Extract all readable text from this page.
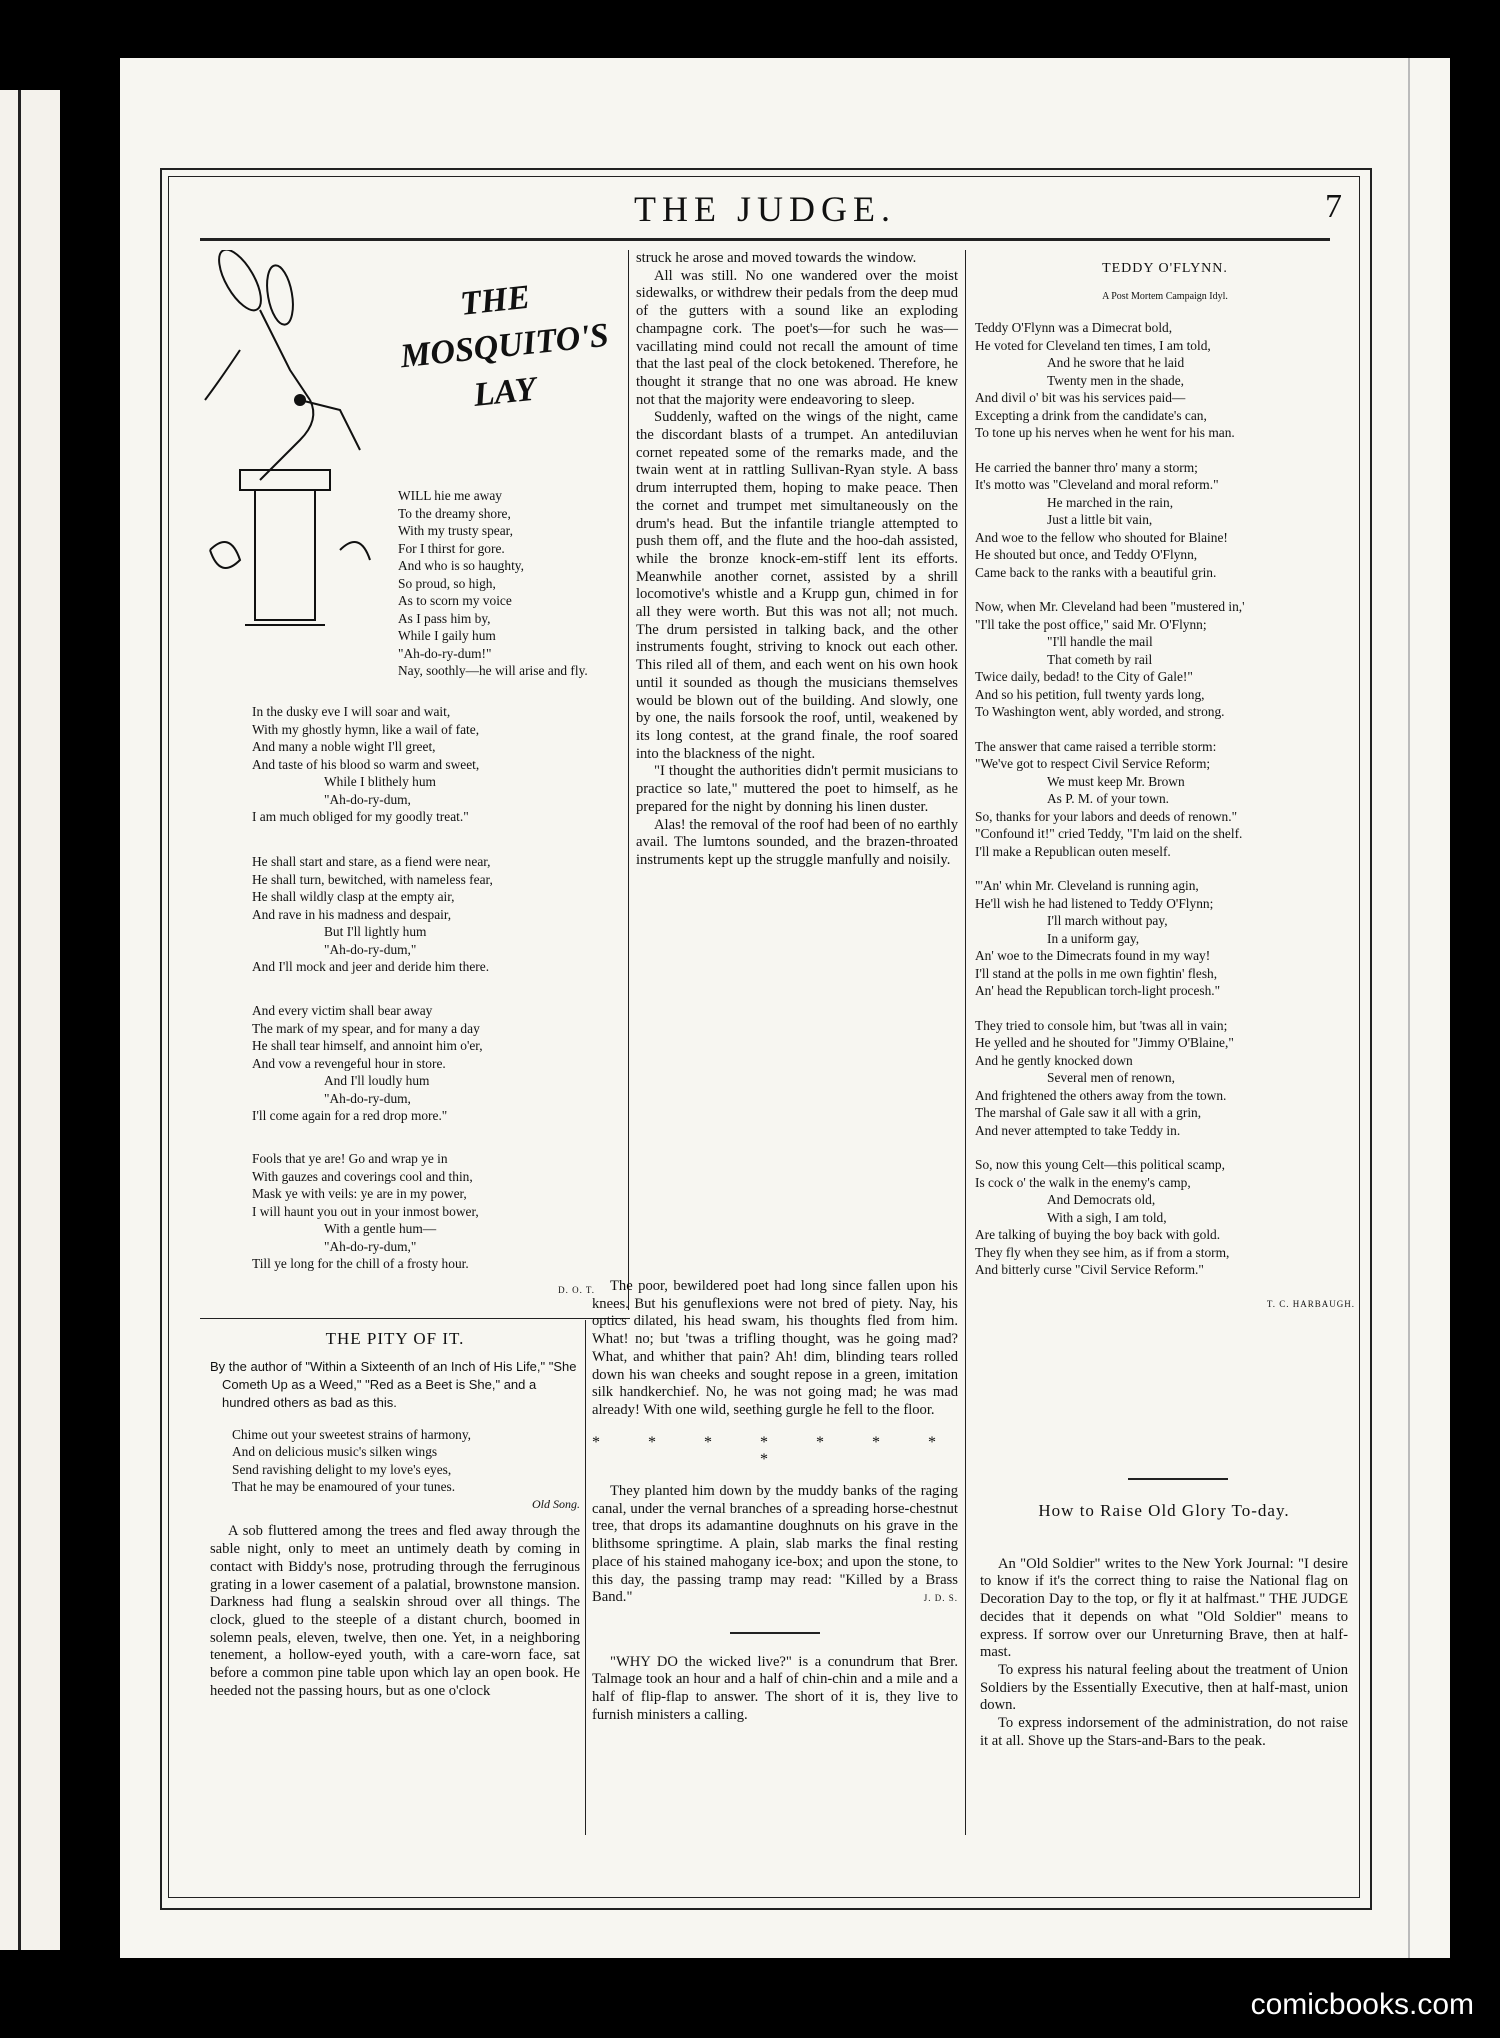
THE JUDGE.	7
THE MOSQUITO'S LAY
WILL hie me away
To the dreamy shore,
With my trusty spear,
For I thirst for gore.
And who is so haughty,
So proud, so high,
As to scorn my voice
As I pass him by,
While I gaily hum
"Ah-do-ry-dum!"
Nay, soothly—he will arise and fly.
In the dusky eve I will soar and wait,
With my ghostly hymn, like a wail of fate,
And many a noble wight I'll greet,
And taste of his blood so warm and sweet,
While I blithely hum
"Ah-do-ry-dum,
I am much obliged for my goodly treat."
He shall start and stare, as a fiend were near,
He shall turn, bewitched, with nameless fear,
He shall wildly clasp at the empty air,
And rave in his madness and despair,
But I'll lightly hum
"Ah-do-ry-dum,"
And I'll mock and jeer and deride him there.
And every victim shall bear away
The mark of my spear, and for many a day
He shall tear himself, and annoint him o'er,
And vow a revengeful hour in store.
And I'll loudly hum
"Ah-do-ry-dum,
I'll come again for a red drop more."
Fools that ye are! Go and wrap ye in
With gauzes and coverings cool and thin,
Mask ye with veils: ye are in my power,
I will haunt you out in your inmost bower,
With a gentle hum—
"Ah-do-ry-dum,"
Till ye long for the chill of a frosty hour.
D. O. T.
THE PITY OF IT.
By the author of "Within a Sixteenth of an Inch of His Life," "She Cometh Up as a Weed," "Red as a Beet is She," and a hundred others as bad as this.
Chime out your sweetest strains of harmony,
And on delicious music's silken wings
Send ravishing delight to my love's eyes,
That he may be enamoured of your tunes.
Old Song.

A sob fluttered among the trees and fled away through the sable night, only to meet an untimely death by coming in contact with Biddy's nose, protruding through the ferruginous grating in a lower casement of a palatial, brownstone mansion. Darkness had flung a sealskin shroud over all things. The clock, glued to the steeple of a distant church, boomed in solemn peals, eleven, twelve, then one. Yet, in a neighboring tenement, a hollow-eyed youth, with a care-worn face, sat before a common pine table upon which lay an open book. He heeded not the passing hours, but as one o'clock

struck he arose and moved towards the window.

All was still. No one wandered over the moist sidewalks, or withdrew their pedals from the deep mud of the gutters with a sound like an exploding champagne cork. The poet's—for such he was—vacillating mind could not recall the amount of time that the last peal of the clock betokened. Therefore, he thought it strange that no one was abroad. He knew not that the majority were endeavoring to sleep.

Suddenly, wafted on the wings of the night, came the discordant blasts of a trumpet. An antediluvian cornet repeated some of the remarks made, and the twain went at in rattling Sullivan-Ryan style. A bass drum interrupted them, hoping to make peace. Then the cornet and trumpet met simultaneously on the drum's head. But the infantile triangle attempted to push them off, and the flute and the hoo-dah assisted, while the bronze knock-em-stiff lent its efforts. Meanwhile another cornet, assisted by a shrill locomotive's whistle and a Krupp gun, chimed in for all they were worth. But this was not all; not much. The drum persisted in talking back, and the other instruments fought, striving to knock out each other. This riled all of them, and each went on his own hook until it sounded as though the musicians themselves would be blown out of the building. And slowly, one by one, the nails forsook the roof, until, weakened by its long contest, at the grand finale, the roof soared into the blackness of the night.

"I thought the authorities didn't permit musicians to practice so late," muttered the poet to himself, as he prepared for the night by donning his linen duster.

Alas! the removal of the roof had been of no earthly avail. The lumtons sounded, and the brazen-throated instruments kept up the struggle manfully and noisily.

The poor, bewildered poet had long since fallen upon his knees. But his genuflexions were not bred of piety. Nay, his optics dilated, his head swam, his thoughts fled from him. What! no; but 'twas a trifling thought, was he going mad? What, and whither that pain? Ah! dim, blinding tears rolled down his wan cheeks and sought repose in a green, imitation silk handkerchief. No, he was not going mad; he was mad already! With one wild, seething gurgle he fell to the floor.

* * * * * * * *

They planted him down by the muddy banks of the raging canal, under the vernal branches of a spreading horse-chestnut tree, that drops its adamantine doughnuts on his grave in the blithsome springtime. A plain, slab marks the final resting place of his stained mahogany ice-box; and upon the stone, to this day, the passing tramp may read: "Killed by a Brass Band."	J. D. S.

"WHY DO the wicked live?" is a conundrum that Brer. Talmage took an hour and a half of chin-chin and a mile and a half of flip-flap to answer. The short of it is, they live to furnish ministers a calling.

TEDDY O'FLYNN.
A Post Mortem Campaign Idyl.
Teddy O'Flynn was a Dimecrat bold,
He voted for Cleveland ten times, I am told,
And he swore that he laid
Twenty men in the shade,
And divil o' bit was his services paid—
Excepting a drink from the candidate's can,
To tone up his nerves when he went for his man.
He carried the banner thro' many a storm;
It's motto was "Cleveland and moral reform."
He marched in the rain,
Just a little bit vain,
And woe to the fellow who shouted for Blaine!
He shouted but once, and Teddy O'Flynn,
Came back to the ranks with a beautiful grin.
Now, when Mr. Cleveland had been "mustered in,'
"I'll take the post office," said Mr. O'Flynn;
"I'll handle the mail
That cometh by rail
Twice daily, bedad! to the City of Gale!"
And so his petition, full twenty yards long,
To Washington went, ably worded, and strong.
The answer that came raised a terrible storm:
"We've got to respect Civil Service Reform;
We must keep Mr. Brown
As P. M. of your town.
So, thanks for your labors and deeds of renown."
"Confound it!" cried Teddy, "I'm laid on the shelf.
I'll make a Republican outen meself.
"'An' whin Mr. Cleveland is running agin,
He'll wish he had listened to Teddy O'Flynn;
I'll march without pay,
In a uniform gay,
An' woe to the Dimecrats found in my way!
I'll stand at the polls in me own fightin' flesh,
An' head the Republican torch-light procesh."
They tried to console him, but 'twas all in vain;
He yelled and he shouted for "Jimmy O'Blaine,"
And he gently knocked down
Several men of renown,
And frightened the others away from the town.
The marshal of Gale saw it all with a grin,
And never attempted to take Teddy in.
So, now this young Celt—this political scamp,
Is cock o' the walk in the enemy's camp,
And Democrats old,
With a sigh, I am told,
Are talking of buying the boy back with gold.
They fly when they see him, as if from a storm,
And bitterly curse "Civil Service Reform."
T. C. HARBAUGH.
How to Raise Old Glory To-day.

An "Old Soldier" writes to the New York Journal: "I desire to know if it's the correct thing to raise the National flag on Decoration Day to the top, or fly it at halfmast." THE JUDGE decides that it depends on what "Old Soldier" means to express. If sorrow over our Unreturning Brave, then at half-mast.

To express his natural feeling about the treatment of Union Soldiers by the Essentially Executive, then at half-mast, union down.

To express indorsement of the administration, do not raise it at all. Shove up the Stars-and-Bars to the peak.

comicbooks.com
